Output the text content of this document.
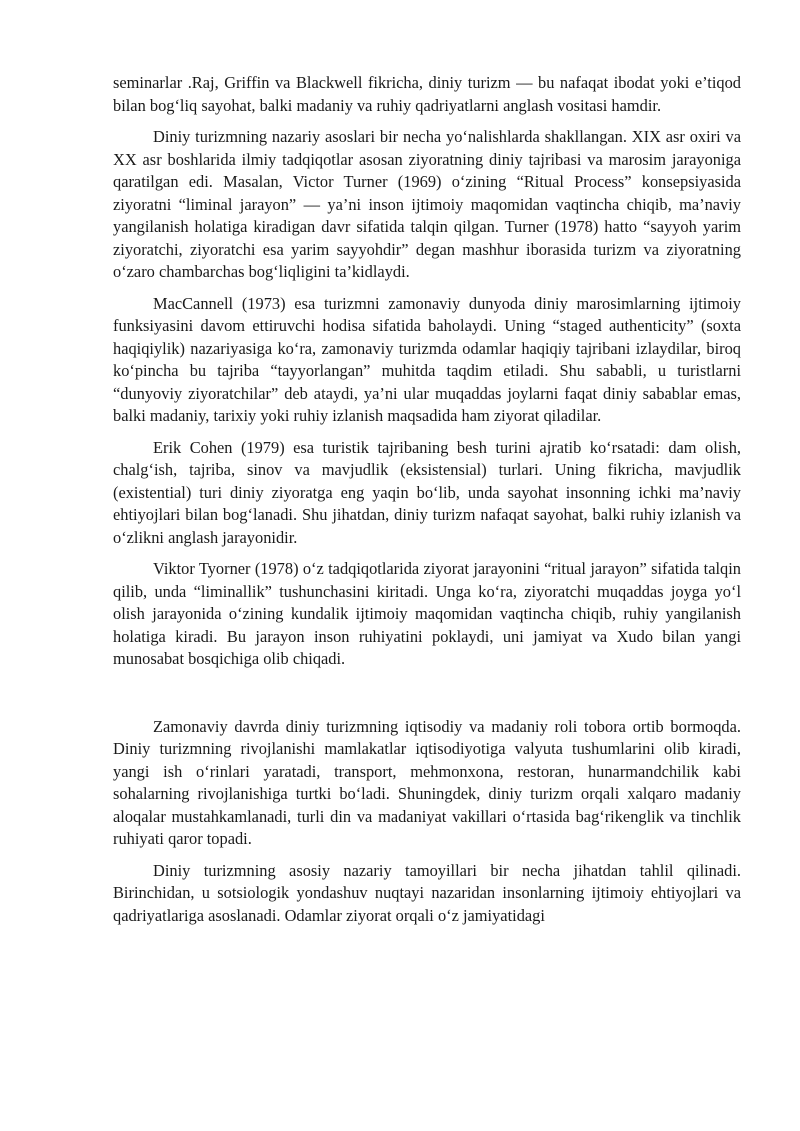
seminarlar .Raj, Griffin va Blackwell fikricha, diniy turizm — bu nafaqat ibodat yoki e’tiqod bilan bog‘liq sayohat, balki madaniy va ruhiy qadriyatlarni anglash vositasi hamdir.

Diniy turizmning nazariy asoslari bir necha yo‘nalishlarda shakllangan. XIX asr oxiri va XX asr boshlarida ilmiy tadqiqotlar asosan ziyoratning diniy tajribasi va marosim jarayoniga qaratilgan edi. Masalan, Victor Turner (1969) o‘zining “Ritual Process” konsepsiyasida ziyoratni “liminal jarayon” — ya’ni inson ijtimoiy maqomidan vaqtincha chiqib, ma’naviy yangilanish holatiga kiradigan davr sifatida talqin qilgan. Turner (1978) hatto “sayyoh yarim ziyoratchi, ziyoratchi esa yarim sayyohdir” degan mashhur iborasida turizm va ziyoratning o‘zaro chambarchas bog‘liqligini ta’kidlaydi.

MacCannell (1973) esa turizmni zamonaviy dunyoda diniy marosimlarning ijtimoiy funksiyasini davom ettiruvchi hodisa sifatida baholaydi. Uning “staged authenticity” (soxta haqiqiylik) nazariyasiga ko‘ra, zamonaviy turizmda odamlar haqiqiy tajribani izlaydilar, biroq ko‘pincha bu tajriba “tayyorlangan” muhitda taqdim etiladi. Shu sababli, u turistlarni “dunyoviy ziyoratchilar” deb ataydi, ya’ni ular muqaddas joylarni faqat diniy sabablar emas, balki madaniy, tarixiy yoki ruhiy izlanish maqsadida ham ziyorat qiladilar.

Erik Cohen (1979) esa turistik tajribaning besh turini ajratib ko‘rsatadi: dam olish, chalg‘ish, tajriba, sinov va mavjudlik (eksistensial) turlari. Uning fikricha, mavjudlik (existential) turi diniy ziyoratga eng yaqin bo‘lib, unda sayohat insonning ichki ma’naviy ehtiyojlari bilan bog‘lanadi. Shu jihatdan, diniy turizm nafaqat sayohat, balki ruhiy izlanish va o‘zlikni anglash jarayonidir.

Viktor Tyorner (1978) o‘z tadqiqotlarida ziyorat jarayonini “ritual jarayon” sifatida talqin qilib, unda “liminallik” tushunchasini kiritadi. Unga ko‘ra, ziyoratchi muqaddas joyga yo‘l olish jarayonida o‘zining kundalik ijtimoiy maqomidan vaqtincha chiqib, ruhiy yangilanish holatiga kiradi. Bu jarayon inson ruhiyatini poklaydi, uni jamiyat va Xudo bilan yangi munosabat bosqichiga olib chiqadi.

Zamonaviy davrda diniy turizmning iqtisodiy va madaniy roli tobora ortib bormoqda. Diniy turizmning rivojlanishi mamlakatlar iqtisodiyotiga valyuta tushumlarini olib kiradi, yangi ish o‘rinlari yaratadi, transport, mehmonxona, restoran, hunarmandchilik kabi sohalarning rivojlanishiga turtki bo‘ladi. Shuningdek, diniy turizm orqali xalqaro madaniy aloqalar mustahkamlanadi, turli din va madaniyat vakillari o‘rtasida bag‘rikenglik va tinchlik ruhiyati qaror topadi.

Diniy turizmning asosiy nazariy tamoyillari bir necha jihatdan tahlil qilinadi. Birinchidan, u sotsiologik yondashuv nuqtayi nazaridan insonlarning ijtimoiy ehtiyojlari va qadriyatlariga asoslanadi. Odamlar ziyorat orqali o‘z jamiyatidagi
